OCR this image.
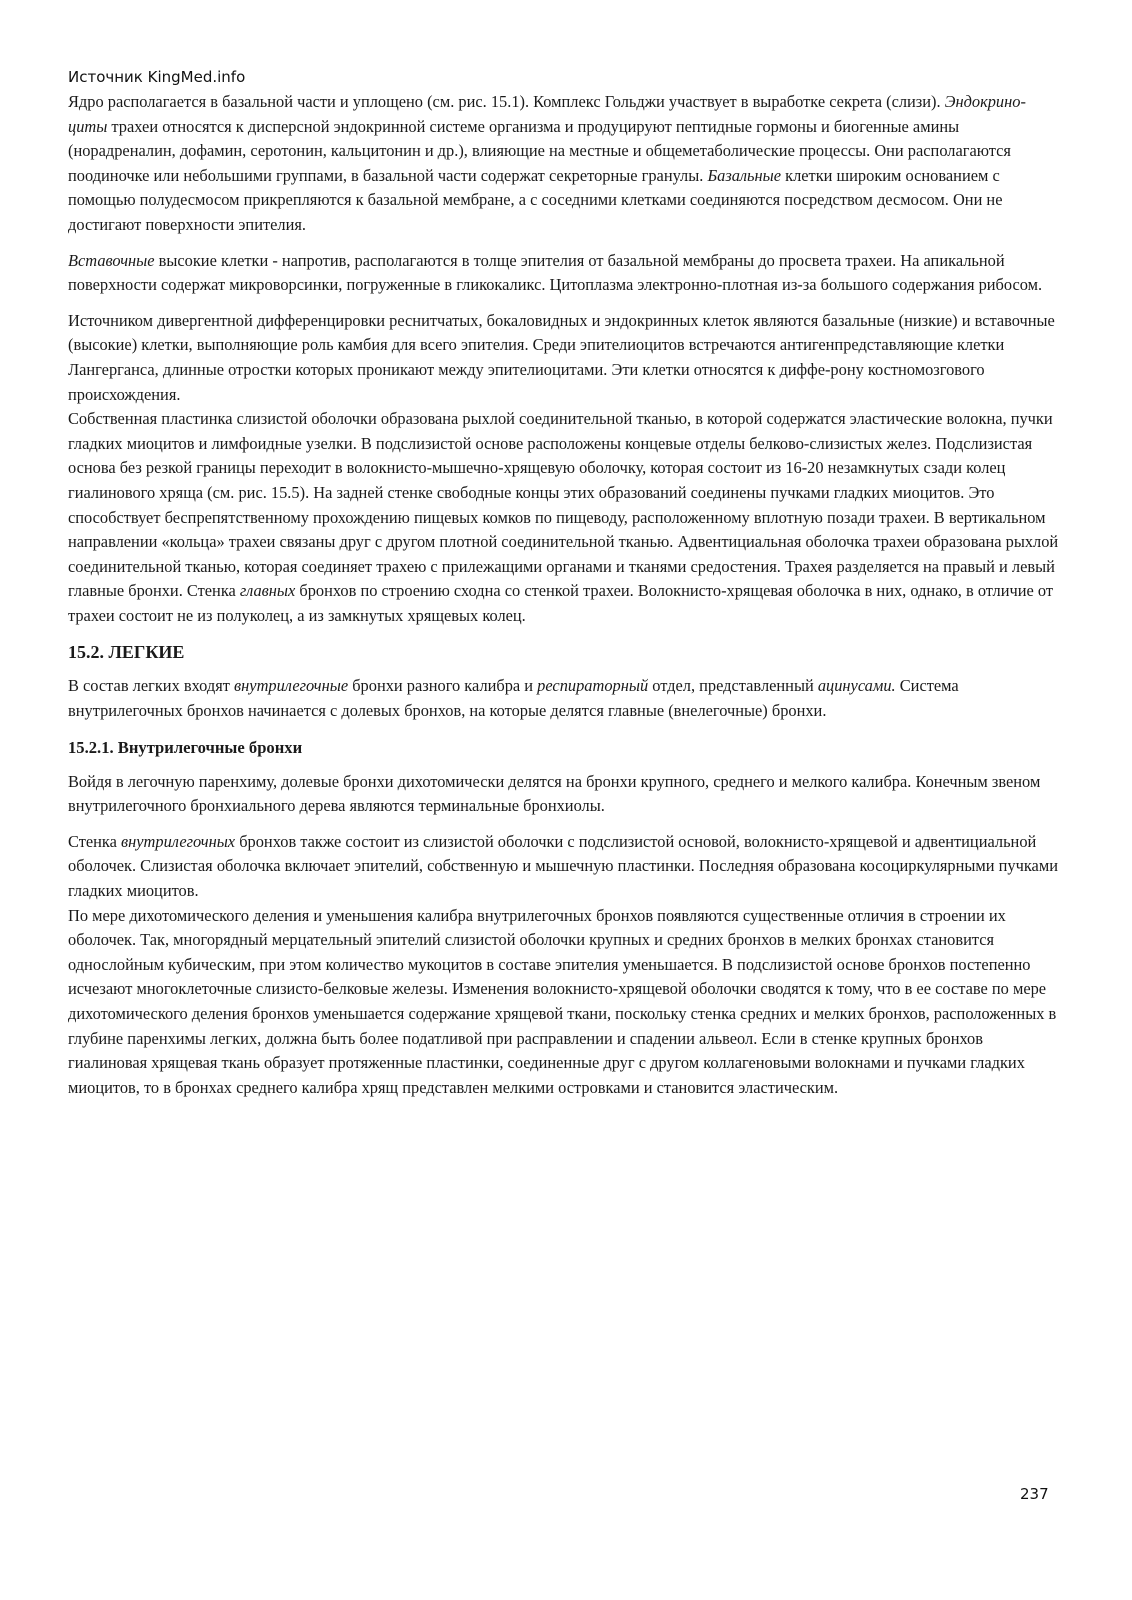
Источник KingMed.info

Ядро располагается в базальной части и уплощено (см. рис. 15.1). Комплекс Гольджи участвует в выработке секрета (слизи). Эндокрино-циты трахеи относятся к дисперсной эндокринной системе организма и продуцируют пептидные гормоны и биогенные амины (норадреналин, дофамин, серотонин, кальцитонин и др.), влияющие на местные и общеметаболические процессы. Они располагаются поодиночке или небольшими группами, в базальной части содержат секреторные гранулы. Базальные клетки широким основанием с помощью полудесмосом прикрепляются к базальной мембране, а с соседними клетками соединяются посредством десмосом. Они не достигают поверхности эпителия.

Вставочные высокие клетки - напротив, располагаются в толще эпителия от базальной мембраны до просвета трахеи. На апикальной поверхности содержат микроворсинки, погруженные в гликокаликс. Цитоплазма электронно-плотная из-за большого содержания рибосом.

Источником дивергентной дифференцировки реснитчатых, бокаловидных и эндокринных клеток являются базальные (низкие) и вставочные (высокие) клетки, выполняющие роль камбия для всего эпителия. Среди эпителиоцитов встречаются антигенпредставляющие клетки Лангерганса, длинные отростки которых проникают между эпителиоцитами. Эти клетки относятся к диффе-рону костномозгового происхождения.

Собственная пластинка слизистой оболочки образована рыхлой соединительной тканью, в которой содержатся эластические волокна, пучки гладких миоцитов и лимфоидные узелки. В подслизистой основе расположены концевые отделы белково-слизистых желез. Подслизистая основа без резкой границы переходит в волокнисто-мышечно-хрящевую оболочку, которая состоит из 16-20 незамкнутых сзади колец гиалинового хряща (см. рис. 15.5). На задней стенке свободные концы этих образований соединены пучками гладких миоцитов. Это способствует беспрепятственному прохождению пищевых комков по пищеводу, расположенному вплотную позади трахеи. В вертикальном направлении «кольца» трахеи связаны друг с другом плотной соединительной тканью. Адвентициальная оболочка трахеи образована рыхлой соединительной тканью, которая соединяет трахею с прилежащими органами и тканями средостения. Трахея разделяется на правый и левый главные бронхи. Стенка главных бронхов по строению сходна со стенкой трахеи. Волокнисто-хрящевая оболочка в них, однако, в отличие от трахеи состоит не из полуколец, а из замкнутых хрящевых колец.

15.2. ЛЕГКИЕ

В состав легких входят внутрилегочные бронхи разного калибра и респираторный отдел, представленный ацинусами. Система внутрилегочных бронхов начинается с долевых бронхов, на которые делятся главные (внелегочные) бронхи.

15.2.1. Внутрилегочные бронхи

Войдя в легочную паренхиму, долевые бронхи дихотомически делятся на бронхи крупного, среднего и мелкого калибра. Конечным звеном внутрилегочного бронхиального дерева являются терминальные бронхиолы.

Стенка внутрилегочных бронхов также состоит из слизистой оболочки с подслизистой основой, волокнисто-хрящевой и адвентициальной оболочек. Слизистая оболочка включает эпителий, собственную и мышечную пластинки. Последняя образована косоциркулярными пучками гладких миоцитов.

По мере дихотомического деления и уменьшения калибра внутрилегочных бронхов появляются существенные отличия в строении их оболочек. Так, многорядный мерцательный эпителий слизистой оболочки крупных и средних бронхов в мелких бронхах становится однослойным кубическим, при этом количество мукоцитов в составе эпителия уменьшается. В подслизистой основе бронхов постепенно исчезают многоклеточные слизисто-белковые железы. Изменения волокнисто-хрящевой оболочки сводятся к тому, что в ее составе по мере дихотомического деления бронхов уменьшается содержание хрящевой ткани, поскольку стенка средних и мелких бронхов, расположенных в глубине паренхимы легких, должна быть более податливой при расправлении и спадении альвеол. Если в стенке крупных бронхов гиалиновая хрящевая ткань образует протяженные пластинки, соединенные друг с другом коллагеновыми волокнами и пучками гладких миоцитов, то в бронхах среднего калибра хрящ представлен мелкими островками и становится эластическим.

237
